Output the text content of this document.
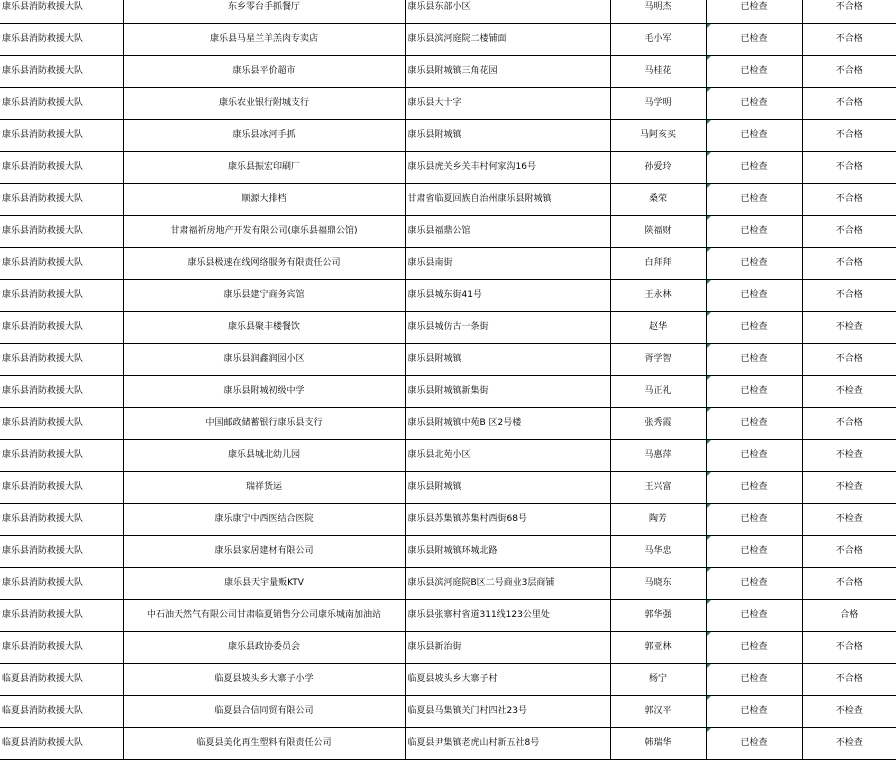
康乐县消防救援大队	东乡零台手抓餐厅	康乐县东部小区	马明杰	已检查	不合格
康乐县消防救援大队	康乐县马星兰羊羔肉专卖店	康乐县滨河庭院二楼铺面	毛小军	已检查	不合格
康乐县消防救援大队	康乐县平价超市	康乐县附城镇三角花园	马桂花	已检查	不合格
康乐县消防救援大队	康乐农业银行附城支行	康乐县大十字	马学明	已检查	不合格
康乐县消防救援大队	康乐县冰河手抓	康乐县附城镇	马阿亥买	已检查	不合格
康乐县消防救援大队	康乐县振宏印刷厂	康乐县虎关乡关丰村何家沟16号	孙爱玲	已检查	不合格
康乐县消防救援大队	顺源大排档	甘肃省临夏回族自治州康乐县附城镇	桑荣	已检查	不合格
康乐县消防救援大队	甘肃福祈房地产开发有限公司(康乐县福鼎公馆)	康乐县福鼎公馆	陕福财	已检查	不合格
康乐县消防救援大队	康乐县极速在线网络服务有限责任公司	康乐县南街	白拜拜	已检查	不合格
康乐县消防救援大队	康乐县建宁商务宾馆	康乐县城东街41号	王永林	已检查	不合格
康乐县消防救援大队	康乐县聚丰楼餐饮	康乐县城仿古一条街	赵华	已检查	不检查
康乐县消防救援大队	康乐县润鑫润园小区	康乐县附城镇	胥学智	已检查	不合格
康乐县消防救援大队	康乐县附城初级中学	康乐县附城镇新集街	马正礼	已检查	不检查
康乐县消防救援大队	中国邮政储蓄银行康乐县支行	康乐县附城镇中苑B 区2号楼	张秀霞	已检查	不合格
康乐县消防救援大队	康乐县城北幼儿园	康乐县北苑小区	马惠萍	已检查	不检查
康乐县消防救援大队	瑞祥货运	康乐县附城镇	王兴富	已检查	不检查
康乐县消防救援大队	康乐康宁中西医结合医院	康乐县苏集镇苏集村西街68号	陶芳	已检查	不检查
康乐县消防救援大队	康乐县家居建材有限公司	康乐县附城镇环城北路	马华忠	已检查	不合格
康乐县消防救援大队	康乐县天宇量贩KTV	康乐县滨河庭院B区二号商业3层商铺	马晓东	已检查	不合格
康乐县消防救援大队	中石油天然气有限公司甘肃临夏销售分公司康乐城南加油站	康乐县张寨村省道311线123公里处	郭华强	已检查	合格
康乐县消防救援大队	康乐县政协委员会	康乐县新治街	郭亚林	已检查	不合格
临夏县消防救援大队	临夏县坡头乡大寨子小学	临夏县坡头乡大寨子村	杨宁	已检查	不合格
临夏县消防救援大队	临夏县合信同贸有限公司	临夏县马集镇关门村四社23号	郭汉平	已检查	不检查
临夏县消防救援大队	临夏县美化再生塑料有限责任公司	临夏县尹集镇老虎山村新五社8号	韩瑞华	已检查	不检查
